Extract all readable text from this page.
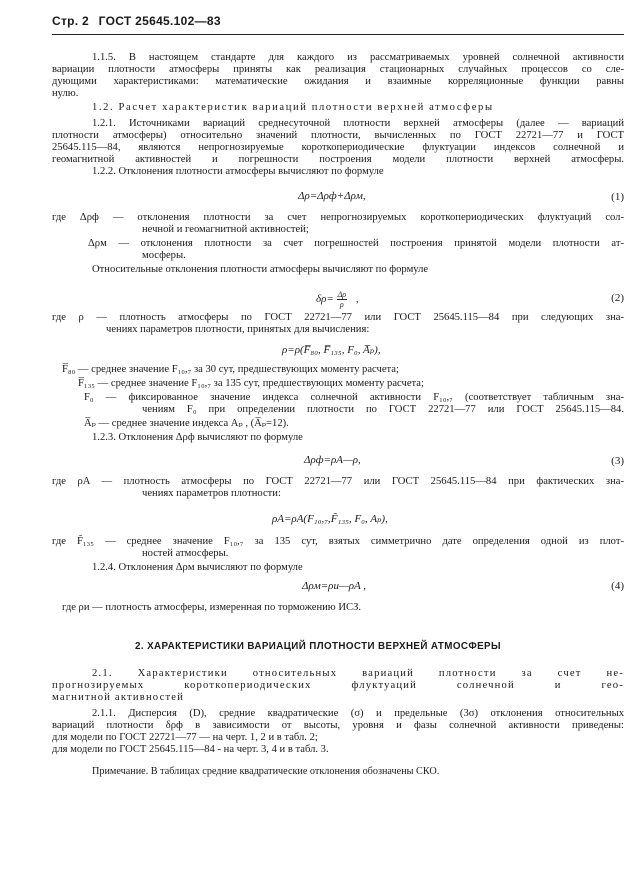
Стр. 2 ГОСТ 25645.102—83
1.1.5. В настоящем стандарте для каждого из рассматриваемых уровней солнечной активности
вариации плотности атмосферы приняты как реализация стационарных случайных процессов со сле-
дующими характеристиками: математические ожидания и взаимные корреляционные функции равны
нулю.
1.2. Расчет характеристик вариаций плотности верхней атмосферы
1.2.1. Источниками вариаций среднесуточной плотности верхней атмосферы (далее — вариаций
плотности атмосферы) относительно значений плотности, вычисленных по ГОСТ 22721—77 и ГОСТ
25645.115—84, являются непрогнозируемые короткопериодические флуктуации индексов солнечной и
геомагнитной активностей и погрешности построения модели плотности верхней атмосферы.
1.2.2. Отклонения плотности атмосферы вычисляют по формуле
Δρ=Δρф+Δρм,	(1)
где Δρф — отклонения плотности за счет непрогнозируемых короткопериодических флуктуаций сол-
нечной и геомагнитной активностей;
Δρм — отклонения плотности за счет погрешностей построения принятой модели плотности ат-
мосферы.
Относительные отклонения плотности атмосферы вычисляют по формуле
$\delta\rho= \frac{\Delta\rho}{\rho}$ ,	(2)
где ρ — плотность атмосферы по ГОСТ 22721—77 или ГОСТ 25645.115—84 при следующих зна-
чениях параметров плотности, принятых для вычисления:
ρ=ρ(F̅₈₀, F̅₁₃₅, F₀, A̅ₚ),
F̅₈₀ — среднее значение F₁₀,₇ за 30 сут, предшествующих моменту расчета;
F̅₁₃₅ — среднее значение F₁₀,₇ за 135 сут, предшествующих моменту расчета;
F₀ — фиксированное значение индекса солнечной активности F₁₀,₇ (соответствует табличным зна-
чениям F₀ при определении плотности по ГОСТ 22721—77 или ГОСТ 25645.115—84.
A̅ₚ — среднее значение индекса Aₚ , (A̅ₚ=12).
1.2.3. Отклонения Δρф вычисляют по формуле
Δρф=ρA—ρ,	(3)
где ρA — плотность атмосферы по ГОСТ 22721—77 или ГОСТ 25645.115—84 при фактических зна-
чениях параметров плотности:
ρA=ρA(F₁₀,₇,F̃₁₃₅, F₀, Aₚ),
где F̃₁₃₅ — среднее значение F₁₀,₇ за 135 сут, взятых симметрично дате определения одной из плот-
ностей атмосферы.
1.2.4. Отклонения Δρм вычисляют по формуле
Δρм=ρи—ρA ,	(4)
где ρи — плотность атмосферы, измеренная по торможению ИСЗ.
2. ХАРАКТЕРИСТИКИ ВАРИАЦИЙ ПЛОТНОСТИ ВЕРХНЕЙ АТМОСФЕРЫ
2.1. Характеристики относительных вариаций плотности за счет не-
прогнозируемых короткопериодических флуктуаций солнечной и гео-
магнитной активностей
2.1.1. Дисперсия (D), средние квадратические (σ) и предельные (3σ) отклонения относительных
вариаций плотности δρф в зависимости от высоты, уровня и фазы солнечной активности приведены:
для модели по ГОСТ 22721—77 — на черт. 1, 2 и в табл. 2;
для модели по ГОСТ 25645.115—84 - на черт. 3, 4 и в табл. 3.
Примечание. В таблицах средние квадратические отклонения обозначены СКО.
